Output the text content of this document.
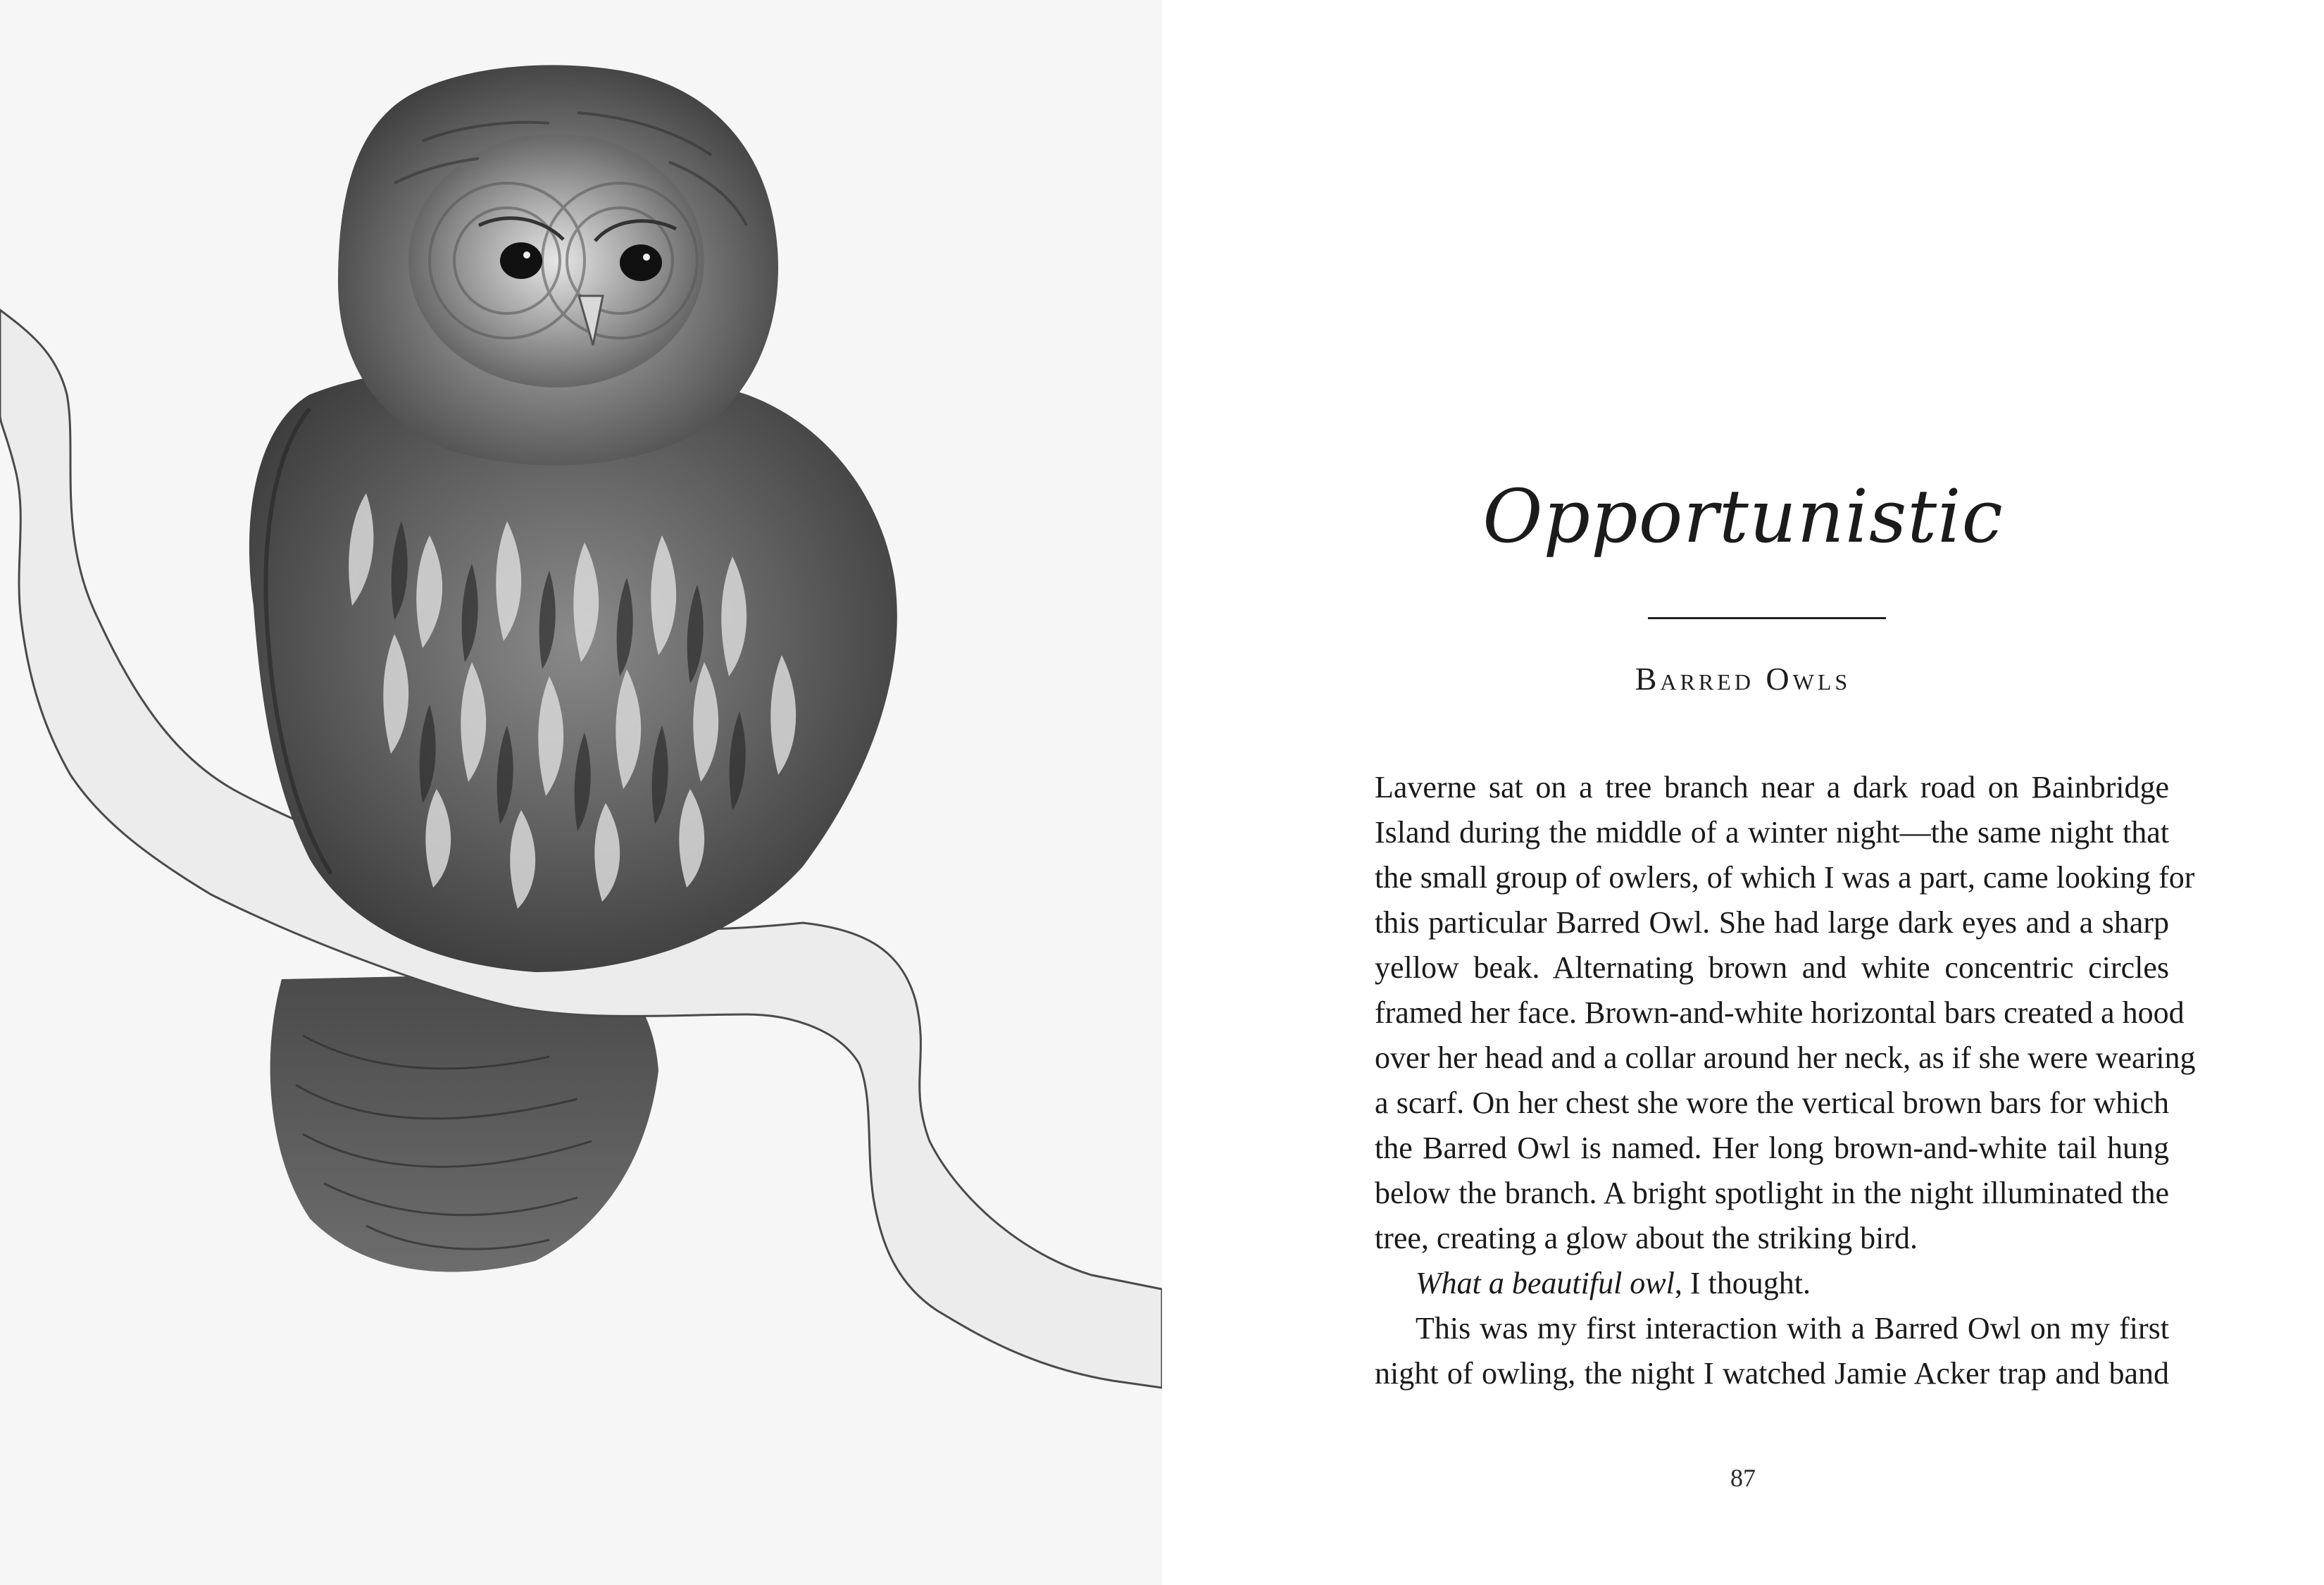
Opportunistic
Barred Owls
Laverne sat on a tree branch near a dark road on Bainbridge
Island during the middle of a winter night—the same night that
the small group of owlers, of which I was a part, came looking for
this particular Barred Owl. She had large dark eyes and a sharp
yellow beak. Alternating brown and white concentric circles
framed her face. Brown-and-white horizontal bars created a hood
over her head and a collar around her neck, as if she were wearing
a scarf. On her chest she wore the vertical brown bars for which
the Barred Owl is named. Her long brown-and-white tail hung
below the branch. A bright spotlight in the night illuminated the
tree, creating a glow about the striking bird.
What a beautiful owl, I thought.
This was my first interaction with a Barred Owl on my first
night of owling, the night I watched Jamie Acker trap and band
87
